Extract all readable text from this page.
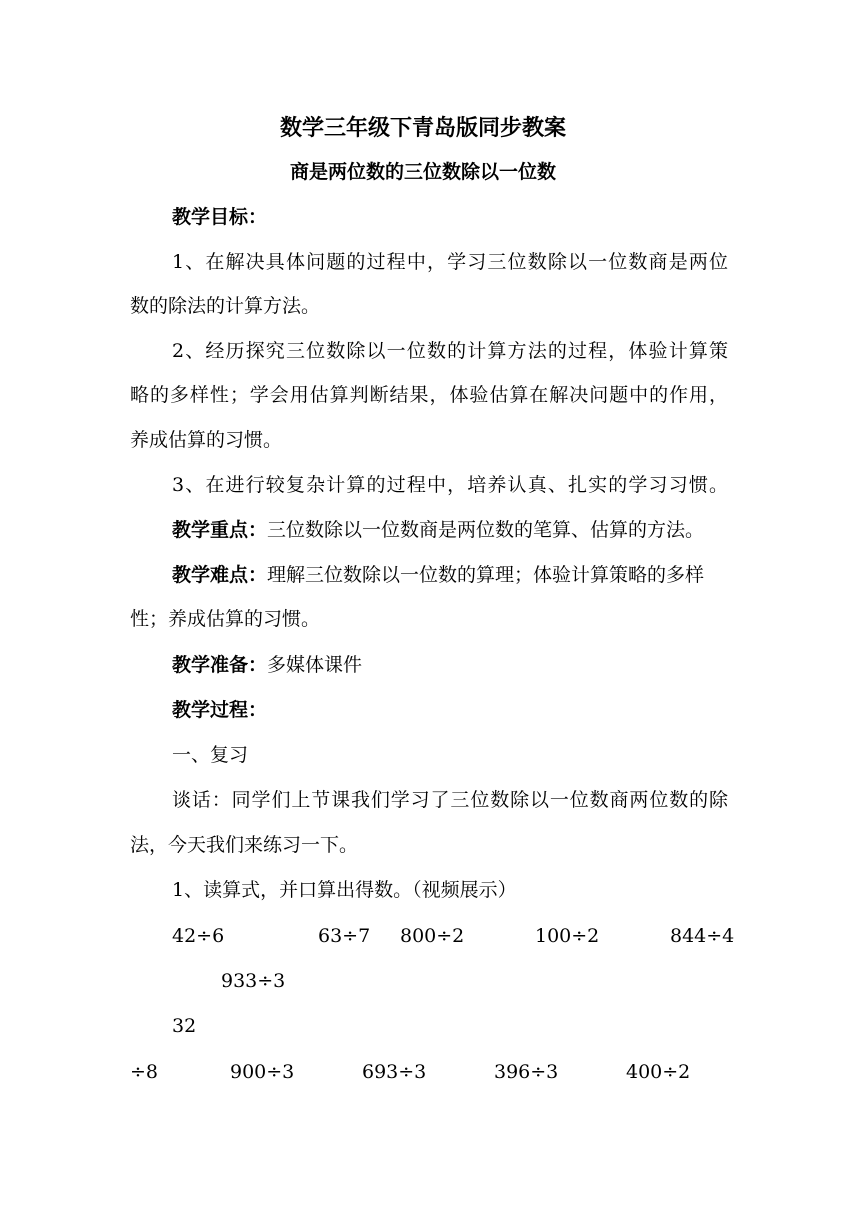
数学三年级下青岛版同步教案
商是两位数的三位数除以一位数
教学目标：
1、在解决具体问题的过程中，学习三位数除以一位数商是两位
数的除法的计算方法。
2、经历探究三位数除以一位数的计算方法的过程，体验计算策
略的多样性；学会用估算判断结果，体验估算在解决问题中的作用，
养成估算的习惯。
3、在进行较复杂计算的过程中，培养认真、扎实的学习习惯。
教学重点：三位数除以一位数商是两位数的笔算、估算的方法。
教学难点：理解三位数除以一位数的算理；体验计算策略的多样
性；养成估算的习惯。
教学准备：多媒体课件
教学过程：
一、复习
谈话：同学们上节课我们学习了三位数除以一位数商两位数的除
法，今天我们来练习一下。
1、读算式，并口算出得数。（视频展示）
42÷6	63÷7 800÷2	100÷2	844÷4
933÷3
32
÷8	900÷3	693÷3	396÷3	400÷2
